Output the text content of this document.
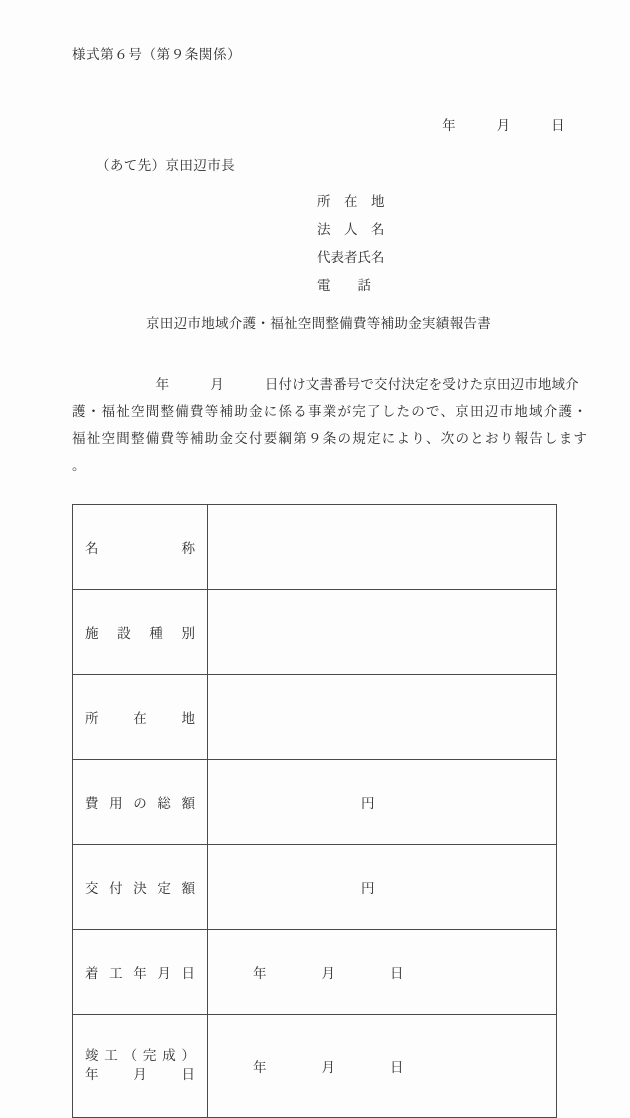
様式第６号（第９条関係）

年	月	日

（あて先）京田辺市長
所　在　地
法　人　名
代表者氏名
電　　話
京田辺市地域介護・福祉空間整備費等補助金実績報告書
　年　　　月　　　日付け文書番号で交付決定を受けた京田辺市地域介
護・福祉空間整備費等補助金に係る事業が完了したので、京田辺市地域介護・
福祉空間整備費等補助金交付要綱第９条の規定により、次のとおり報告します
。

名称	

施設種別	

所在地	

費用の総額	円

交付決定額	円

着工年月日	年 月 日

竣工（完成）
年　　月　　日	年 月 日
